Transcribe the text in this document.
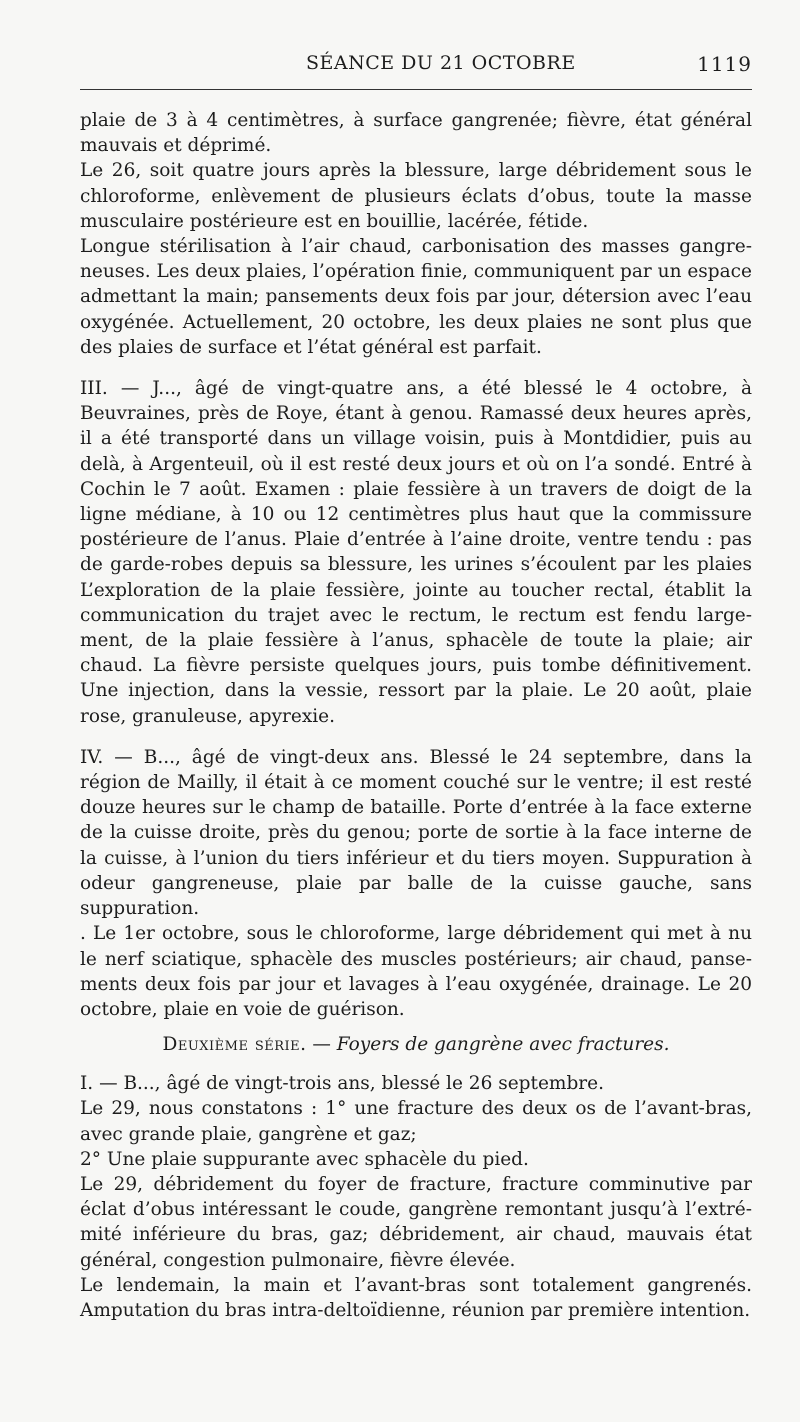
SÉANCE DU 21 OCTOBRE	1119

plaie de 3 à 4 centimètres, à surface gangrenée; fièvre, état général mauvais et déprimé.

Le 26, soit quatre jours après la blessure, large débridement sous le chloroforme, enlèvement de plusieurs éclats d’obus, toute la masse musculaire postérieure est en bouillie, lacérée, fétide.

Longue stérilisation à l’air chaud, carbonisation des masses gangreneuses. Les deux plaies, l’opération finie, communiquent par un espace admettant la main; pansements deux fois par jour, détersion avec l’eau oxygénée. Actuellement, 20 octobre, les deux plaies ne sont plus que des plaies de surface et l’état général est parfait.

III. — J..., âgé de vingt-quatre ans, a été blessé le 4 octobre, à Beuvraines, près de Roye, étant à genou. Ramassé deux heures après, il a été transporté dans un village voisin, puis à Montdidier, puis au delà, à Argenteuil, où il est resté deux jours et où on l’a sondé. Entré à Cochin le 7 août. Examen : plaie fessière à un travers de doigt de la ligne médiane, à 10 ou 12 centimètres plus haut que la commissure postérieure de l’anus. Plaie d’entrée à l’aine droite, ventre tendu : pas de garde-robes depuis sa blessure, les urines s’écoulent par les plaies L’exploration de la plaie fessière, jointe au toucher rectal, établit la communication du trajet avec le rectum, le rectum est fendu largement, de la plaie fessière à l’anus, sphacèle de toute la plaie; air chaud. La fièvre persiste quelques jours, puis tombe définitivement. Une injection, dans la vessie, ressort par la plaie. Le 20 août, plaie rose, granuleuse, apyrexie.

IV. — B..., âgé de vingt-deux ans. Blessé le 24 septembre, dans la région de Mailly, il était à ce moment couché sur le ventre; il est resté douze heures sur le champ de bataille. Porte d’entrée à la face externe de la cuisse droite, près du genou; porte de sortie à la face interne de la cuisse, à l’union du tiers inférieur et du tiers moyen. Suppuration à odeur gangreneuse, plaie par balle de la cuisse gauche, sans suppuration.

. Le 1er octobre, sous le chloroforme, large débridement qui met à nu le nerf sciatique, sphacèle des muscles postérieurs; air chaud, pansements deux fois par jour et lavages à l’eau oxygénée, drainage. Le 20 octobre, plaie en voie de guérison.

Deuxième série. — Foyers de gangrène avec fractures.

I. — B..., âgé de vingt-trois ans, blessé le 26 septembre.

Le 29, nous constatons : 1° une fracture des deux os de l’avant-bras, avec grande plaie, gangrène et gaz;

2° Une plaie suppurante avec sphacèle du pied.

Le 29, débridement du foyer de fracture, fracture comminutive par éclat d’obus intéressant le coude, gangrène remontant jusqu’à l’extrémité inférieure du bras, gaz; débridement, air chaud, mauvais état général, congestion pulmonaire, fièvre élevée.

Le lendemain, la main et l’avant-bras sont totalement gangrenés. Amputation du bras intra-deltoïdienne, réunion par première intention.
